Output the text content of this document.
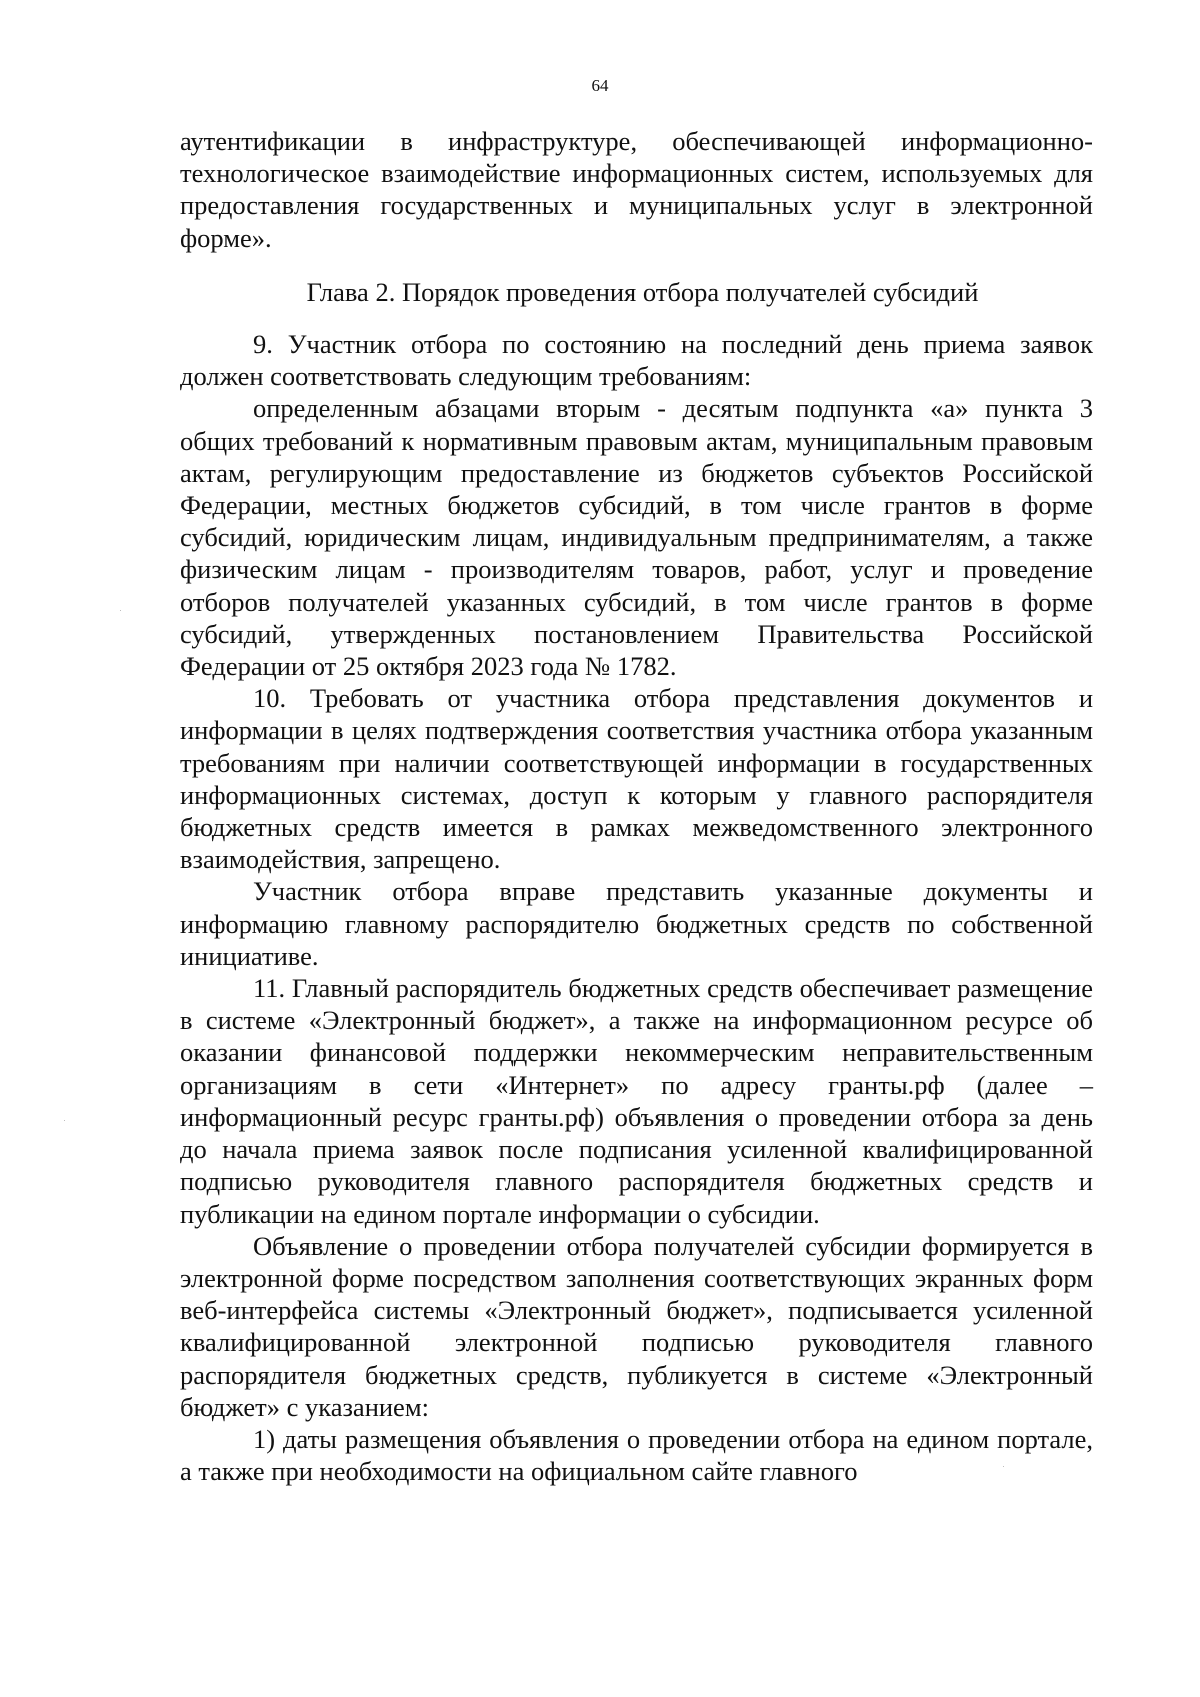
64

аутентификации в инфраструктуре, обеспечивающей информационно-технологическое взаимодействие информационных систем, используемых для предоставления государственных и муниципальных услуг в электронной форме».

Глава 2. Порядок проведения отбора получателей субсидий

9. Участник отбора по состоянию на последний день приема заявок должен соответствовать следующим требованиям:

определенным абзацами вторым - десятым подпункта «а» пункта 3 общих требований к нормативным правовым актам, муниципальным правовым актам, регулирующим предоставление из бюджетов субъектов Российской Федерации, местных бюджетов субсидий, в том числе грантов в форме субсидий, юридическим лицам, индивидуальным предпринимателям, а также физическим лицам - производителям товаров, работ, услуг и проведение отборов получателей указанных субсидий, в том числе грантов в форме субсидий, утвержденных постановлением Правительства Российской Федерации от 25 октября 2023 года № 1782.

10. Требовать от участника отбора представления документов и информации в целях подтверждения соответствия участника отбора указанным требованиям при наличии соответствующей информации в государственных информационных системах, доступ к которым у главного распорядителя бюджетных средств имеется в рамках межведомственного электронного взаимодействия, запрещено.

Участник отбора вправе представить указанные документы и информацию главному распорядителю бюджетных средств по собственной инициативе.

11. Главный распорядитель бюджетных средств обеспечивает размещение в системе «Электронный бюджет», а также на информационном ресурсе об оказании финансовой поддержки некоммерческим неправительственным организациям в сети «Интернет» по адресу гранты.рф (далее – информационный ресурс гранты.рф) объявления о проведении отбора за день до начала приема заявок после подписания усиленной квалифицированной подписью руководителя главного распорядителя бюджетных средств и публикации на едином портале информации о субсидии.

Объявление о проведении отбора получателей субсидии формируется в электронной форме посредством заполнения соответствующих экранных форм веб-интерфейса системы «Электронный бюджет», подписывается усиленной квалифицированной электронной подписью руководителя главного распорядителя бюджетных средств, публикуется в системе «Электронный бюджет» с указанием:

1) даты размещения объявления о проведении отбора на едином портале, а также при необходимости на официальном сайте главного
